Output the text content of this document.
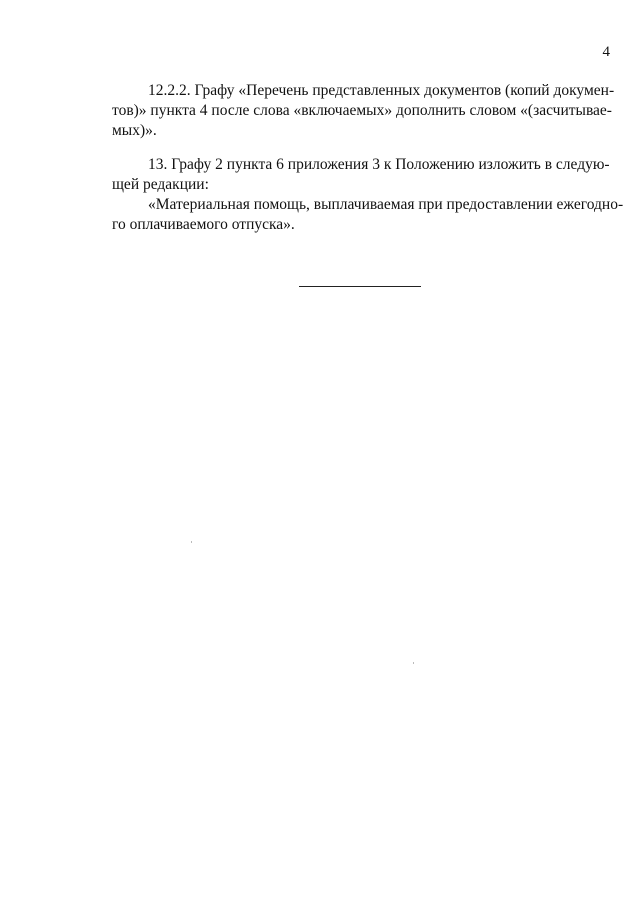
4
12.2.2. Графу «Перечень представленных документов (копий докумен-
тов)» пункта 4 после слова «включаемых» дополнить словом «(засчитывае-
мых)».
13. Графу 2 пункта 6 приложения 3 к Положению изложить в следую-
щей редакции:
«Материальная помощь, выплачиваемая при предоставлении ежегодно-
го оплачиваемого отпуска».
